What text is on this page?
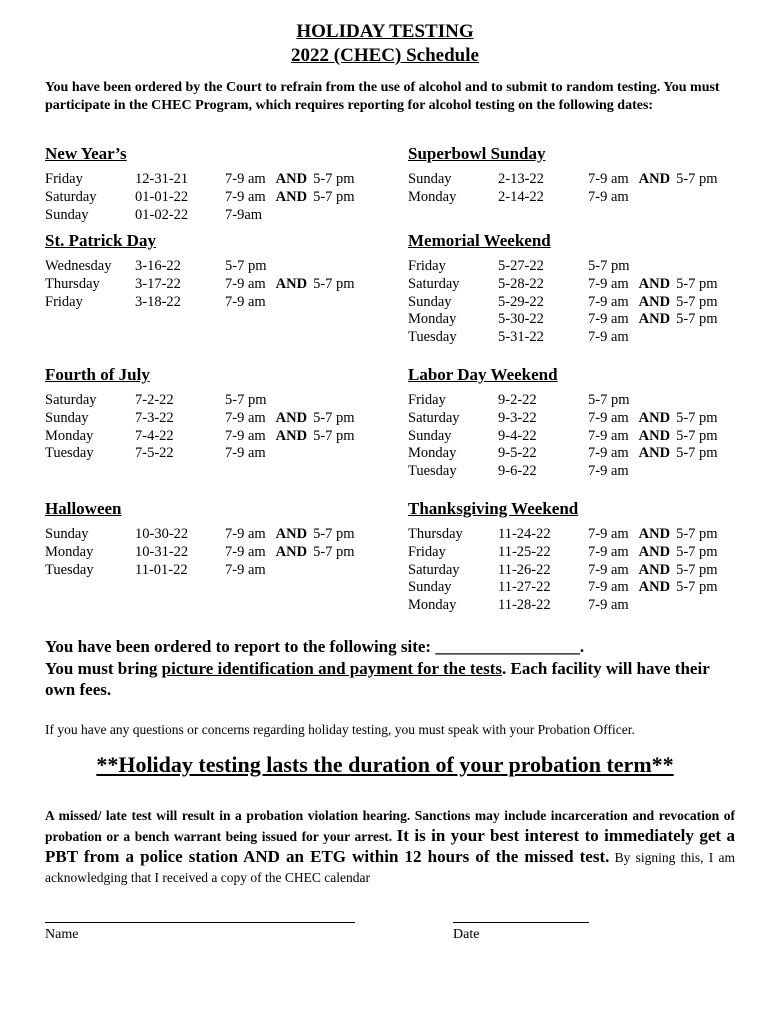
HOLIDAY TESTING
2022 (CHEC) Schedule
You have been ordered by the Court to refrain from the use of alcohol and to submit to random testing. You must participate in the CHEC Program, which requires reporting for alcohol testing on the following dates:
New Year’s
Friday	12-31-21	7-9 am AND 5-7 pm
Saturday	01-01-22	7-9 am AND 5-7 pm
Sunday	01-02-22	7-9am
St. Patrick Day
Wednesday 3-16-22	5-7 pm
Thursday 3-17-22	7-9 am AND 5-7 pm
Friday	3-18-22	7-9 am
Fourth of July
Saturday	7-2-22	5-7 pm
Sunday	7-3-22	7-9 am AND 5-7 pm
Monday	7-4-22	7-9 am AND 5-7 pm
Tuesday	7-5-22	7-9 am
Halloween
Sunday	10-30-22	7-9 am AND 5-7 pm
Monday	10-31-22	7-9 am AND 5-7 pm
Tuesday	11-01-22	7-9 am
Superbowl Sunday
Sunday	2-13-22	7-9 am AND 5-7 pm
Monday	2-14-22	7-9 am
Memorial Weekend
Friday	5-27-22	5-7 pm
Saturday	5-28-22	7-9 am AND 5-7 pm
Sunday	5-29-22	7-9 am AND 5-7 pm
Monday	5-30-22	7-9 am AND 5-7 pm
Tuesday	5-31-22	7-9 am
Labor Day Weekend
Friday	9-2-22	5-7 pm
Saturday	9-3-22	7-9 am AND 5-7 pm
Sunday	9-4-22	7-9 am AND 5-7 pm
Monday	9-5-22	7-9 am AND 5-7 pm
Tuesday	9-6-22	7-9 am
Thanksgiving Weekend
Thursday 11-24-22	7-9 am AND 5-7 pm
Friday	11-25-22	7-9 am AND 5-7 pm
Saturday	11-26-22	7-9 am AND 5-7 pm
Sunday	11-27-22	7-9 am AND 5-7 pm
Monday	11-28-22	7-9 am
You have been ordered to report to the following site: _________________.
You must bring picture identification and payment for the tests. Each facility will have their own fees.
If you have any questions or concerns regarding holiday testing, you must speak with your Probation Officer.
**Holiday testing lasts the duration of your probation term**
A missed/ late test will result in a probation violation hearing. Sanctions may include incarceration and revocation of probation or a bench warrant being issued for your arrest. It is in your best interest to immediately get a PBT from a police station AND an ETG within 12 hours of the missed test. By signing this, I am acknowledging that I received a copy of the CHEC calendar
Name	Date
